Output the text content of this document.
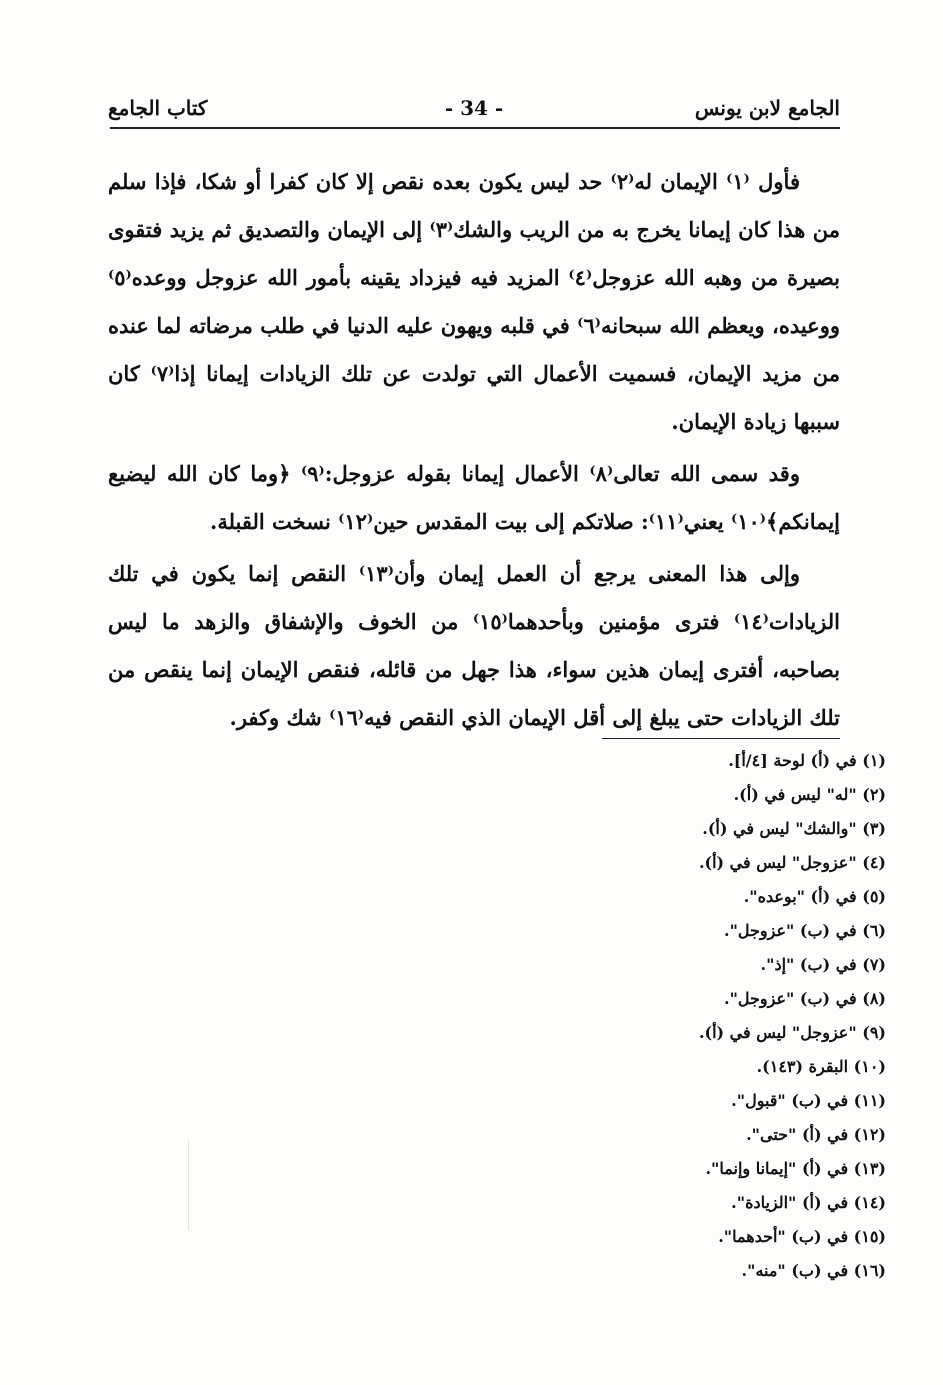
الجامع لابن يونس
- 34 -
كتاب الجامع

فأول ⁽١⁾ الإيمان له⁽٢⁾ حد ليس يكون بعده نقص إلا كان كفرا أو شكا، فإذا سلم من هذا كان إيمانا يخرج به من الريب والشك⁽٣⁾ إلى الإيمان والتصديق ثم يزيد فتقوى بصيرة من وهبه الله عزوجل⁽٤⁾ المزيد فيه فيزداد يقينه بأمور الله عزوجل ووعده⁽٥⁾ ووعيده، ويعظم الله سبحانه⁽٦⁾ في قلبه ويهون عليه الدنيا في طلب مرضاته لما عنده من مزيد الإيمان، فسميت الأعمال التي تولدت عن تلك الزيادات إيمانا إذا⁽٧⁾ كان سببها زيادة الإيمان.

وقد سمى الله تعالى⁽٨⁾ الأعمال إيمانا بقوله عزوجل:⁽٩⁾ ﴿وما كان الله ليضيع إيمانكم﴾⁽١٠⁾ يعني⁽١١⁾: صلاتكم إلى بيت المقدس حين⁽١٢⁾ نسخت القبلة.

وإلى هذا المعنى يرجع أن العمل إيمان وأن⁽١٣⁾ النقص إنما يكون في تلك الزيادات⁽١٤⁾ فترى مؤمنين وبأحدهما⁽١٥⁾ من الخوف والإشفاق والزهد ما ليس بصاحبه، أفترى إيمان هذين سواء، هذا جهل من قائله، فنقص الإيمان إنما ينقص من تلك الزيادات حتى يبلغ إلى أقل الإيمان الذي النقص فيه⁽١٦⁾ شك وكفر.

(١) في (أ) لوحة [٤/أ].
(٢) "له" ليس في (أ).
(٣) "والشك" ليس في (أ).
(٤) "عزوجل" ليس في (أ).
(٥) في (أ) "بوعده".
(٦) في (ب) "عزوجل".
(٧) في (ب) "إذ".
(٨) في (ب) "عزوجل".
(٩) "عزوجل" ليس في (أ).
(١٠) البقرة (١٤٣).
(١١) في (ب) "قبول".
(١٢) في (أ) "حتى".
(١٣) في (أ) "إيمانا وإنما".
(١٤) في (أ) "الزيادة".
(١٥) في (ب) "أحدهما".
(١٦) في (ب) "منه".
